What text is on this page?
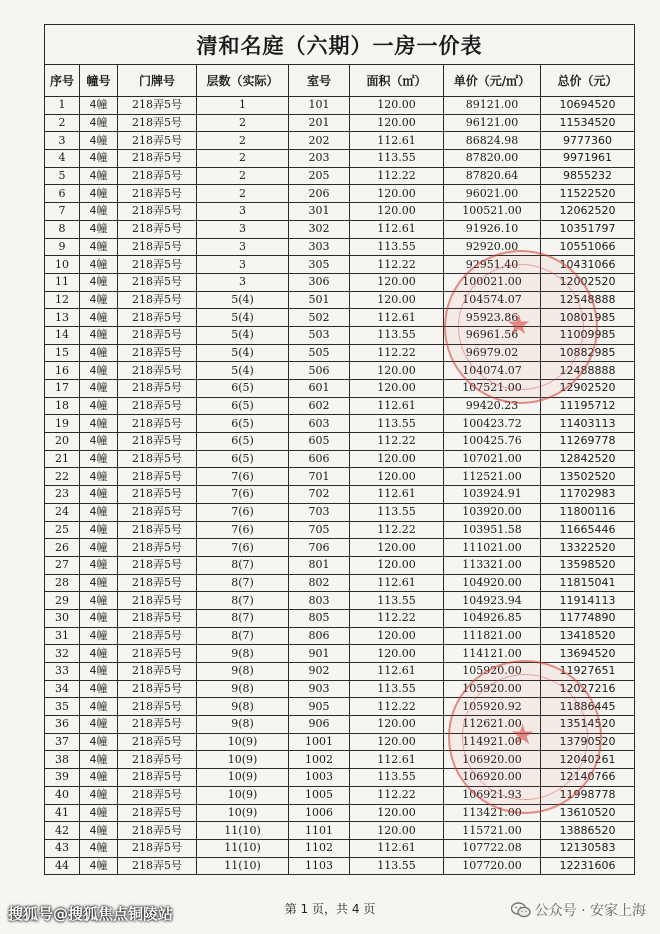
清和名庭（六期）一房一价表							
序号	幢号	门牌号	层数（实际）	室号	面积（㎡）	单价（元/㎡）	总价（元）
1	4幢	218弄5号	1	101	120.00	89121.00	10694520
2	4幢	218弄5号	2	201	120.00	96121.00	11534520
3	4幢	218弄5号	2	202	112.61	86824.98	9777360
4	4幢	218弄5号	2	203	113.55	87820.00	9971961
5	4幢	218弄5号	2	205	112.22	87820.64	9855232
6	4幢	218弄5号	2	206	120.00	96021.00	11522520
7	4幢	218弄5号	3	301	120.00	100521.00	12062520
8	4幢	218弄5号	3	302	112.61	91926.10	10351797
9	4幢	218弄5号	3	303	113.55	92920.00	10551066
10	4幢	218弄5号	3	305	112.22	92951.40	10431066
11	4幢	218弄5号	3	306	120.00	100021.00	12002520
12	4幢	218弄5号	5(4)	501	120.00	104574.07	12548888
13	4幢	218弄5号	5(4)	502	112.61	95923.86	10801985
14	4幢	218弄5号	5(4)	503	113.55	96961.56	11009985
15	4幢	218弄5号	5(4)	505	112.22	96979.02	10882985
16	4幢	218弄5号	5(4)	506	120.00	104074.07	12488888
17	4幢	218弄5号	6(5)	601	120.00	107521.00	12902520
18	4幢	218弄5号	6(5)	602	112.61	99420.23	11195712
19	4幢	218弄5号	6(5)	603	113.55	100423.72	11403113
20	4幢	218弄5号	6(5)	605	112.22	100425.76	11269778
21	4幢	218弄5号	6(5)	606	120.00	107021.00	12842520
22	4幢	218弄5号	7(6)	701	120.00	112521.00	13502520
23	4幢	218弄5号	7(6)	702	112.61	103924.91	11702983
24	4幢	218弄5号	7(6)	703	113.55	103920.00	11800116
25	4幢	218弄5号	7(6)	705	112.22	103951.58	11665446
26	4幢	218弄5号	7(6)	706	120.00	111021.00	13322520
27	4幢	218弄5号	8(7)	801	120.00	113321.00	13598520
28	4幢	218弄5号	8(7)	802	112.61	104920.00	11815041
29	4幢	218弄5号	8(7)	803	113.55	104923.94	11914113
30	4幢	218弄5号	8(7)	805	112.22	104926.85	11774890
31	4幢	218弄5号	8(7)	806	120.00	111821.00	13418520
32	4幢	218弄5号	9(8)	901	120.00	114121.00	13694520
33	4幢	218弄5号	9(8)	902	112.61	105920.00	11927651
34	4幢	218弄5号	9(8)	903	113.55	105920.00	12027216
35	4幢	218弄5号	9(8)	905	112.22	105920.92	11886445
36	4幢	218弄5号	9(8)	906	120.00	112621.00	13514520
37	4幢	218弄5号	10(9)	1001	120.00	114921.00	13790520
38	4幢	218弄5号	10(9)	1002	112.61	106920.00	12040261
39	4幢	218弄5号	10(9)	1003	113.55	106920.00	12140766
40	4幢	218弄5号	10(9)	1005	112.22	106921.93	11998778
41	4幢	218弄5号	10(9)	1006	120.00	113421.00	13610520
42	4幢	218弄5号	11(10)	1101	120.00	115721.00	13886520
43	4幢	218弄5号	11(10)	1102	112.61	107722.08	12130583
44	4幢	218弄5号	11(10)	1103	113.55	107720.00	12231606
★
★
第 1 页，共 4 页
搜狐号@搜狐焦点铜陵站	公众号 · 安家上海
